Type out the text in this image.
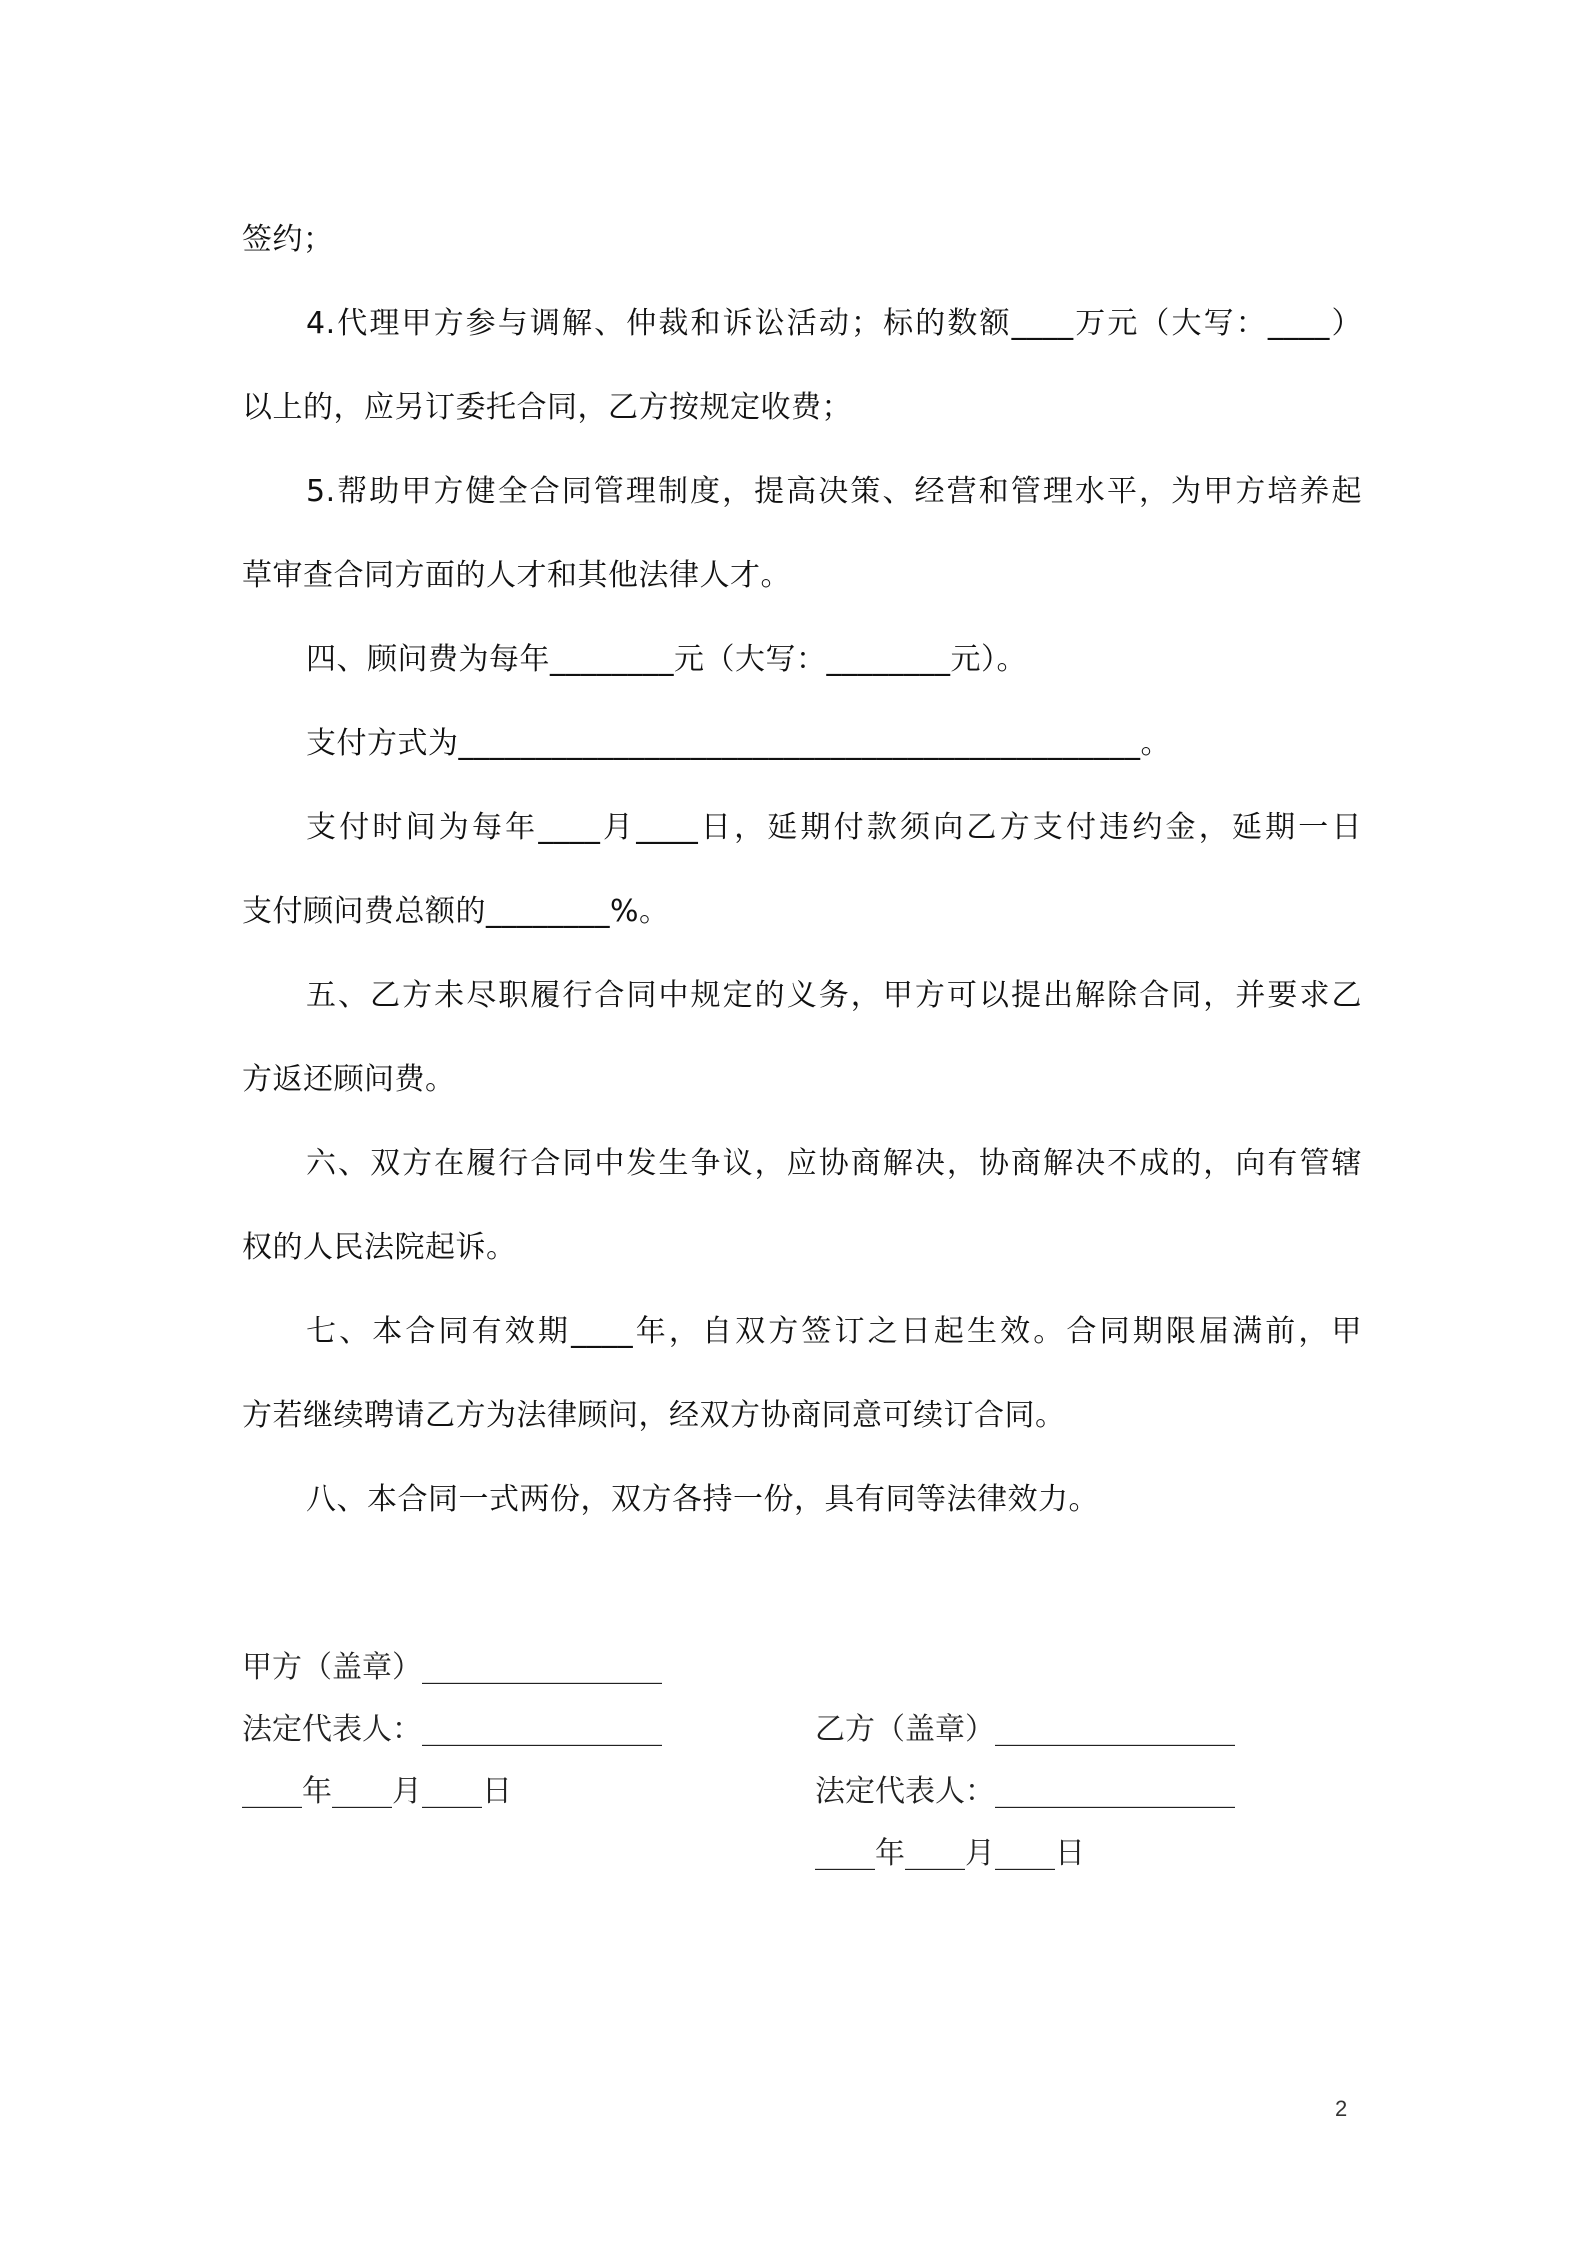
签约；
4.代理甲方参与调解、仲裁和诉讼活动；标的数额____万元（大写：____）
以上的，应另订委托合同，乙方按规定收费；
5.帮助甲方健全合同管理制度，提高决策、经营和管理水平，为甲方培养起
草审查合同方面的人才和其他法律人才。
四、顾问费为每年________元（大写：________元）。
支付方式为____________________________________________。
支付时间为每年____月____日，延期付款须向乙方支付违约金，延期一日
支付顾问费总额的________%。
五、乙方未尽职履行合同中规定的义务，甲方可以提出解除合同，并要求乙
方返还顾问费。
六、双方在履行合同中发生争议，应协商解决，协商解决不成的，向有管辖
权的人民法院起诉。
七、本合同有效期____年，自双方签订之日起生效。合同期限届满前，甲
方若继续聘请乙方为法律顾问，经双方协商同意可续订合同。
八、本合同一式两份，双方各持一份，具有同等法律效力。

甲方（盖章）________________

乙方（盖章）________________

法定代表人：________________

法定代表人：________________

____年____月____日

____年____月____日

2
